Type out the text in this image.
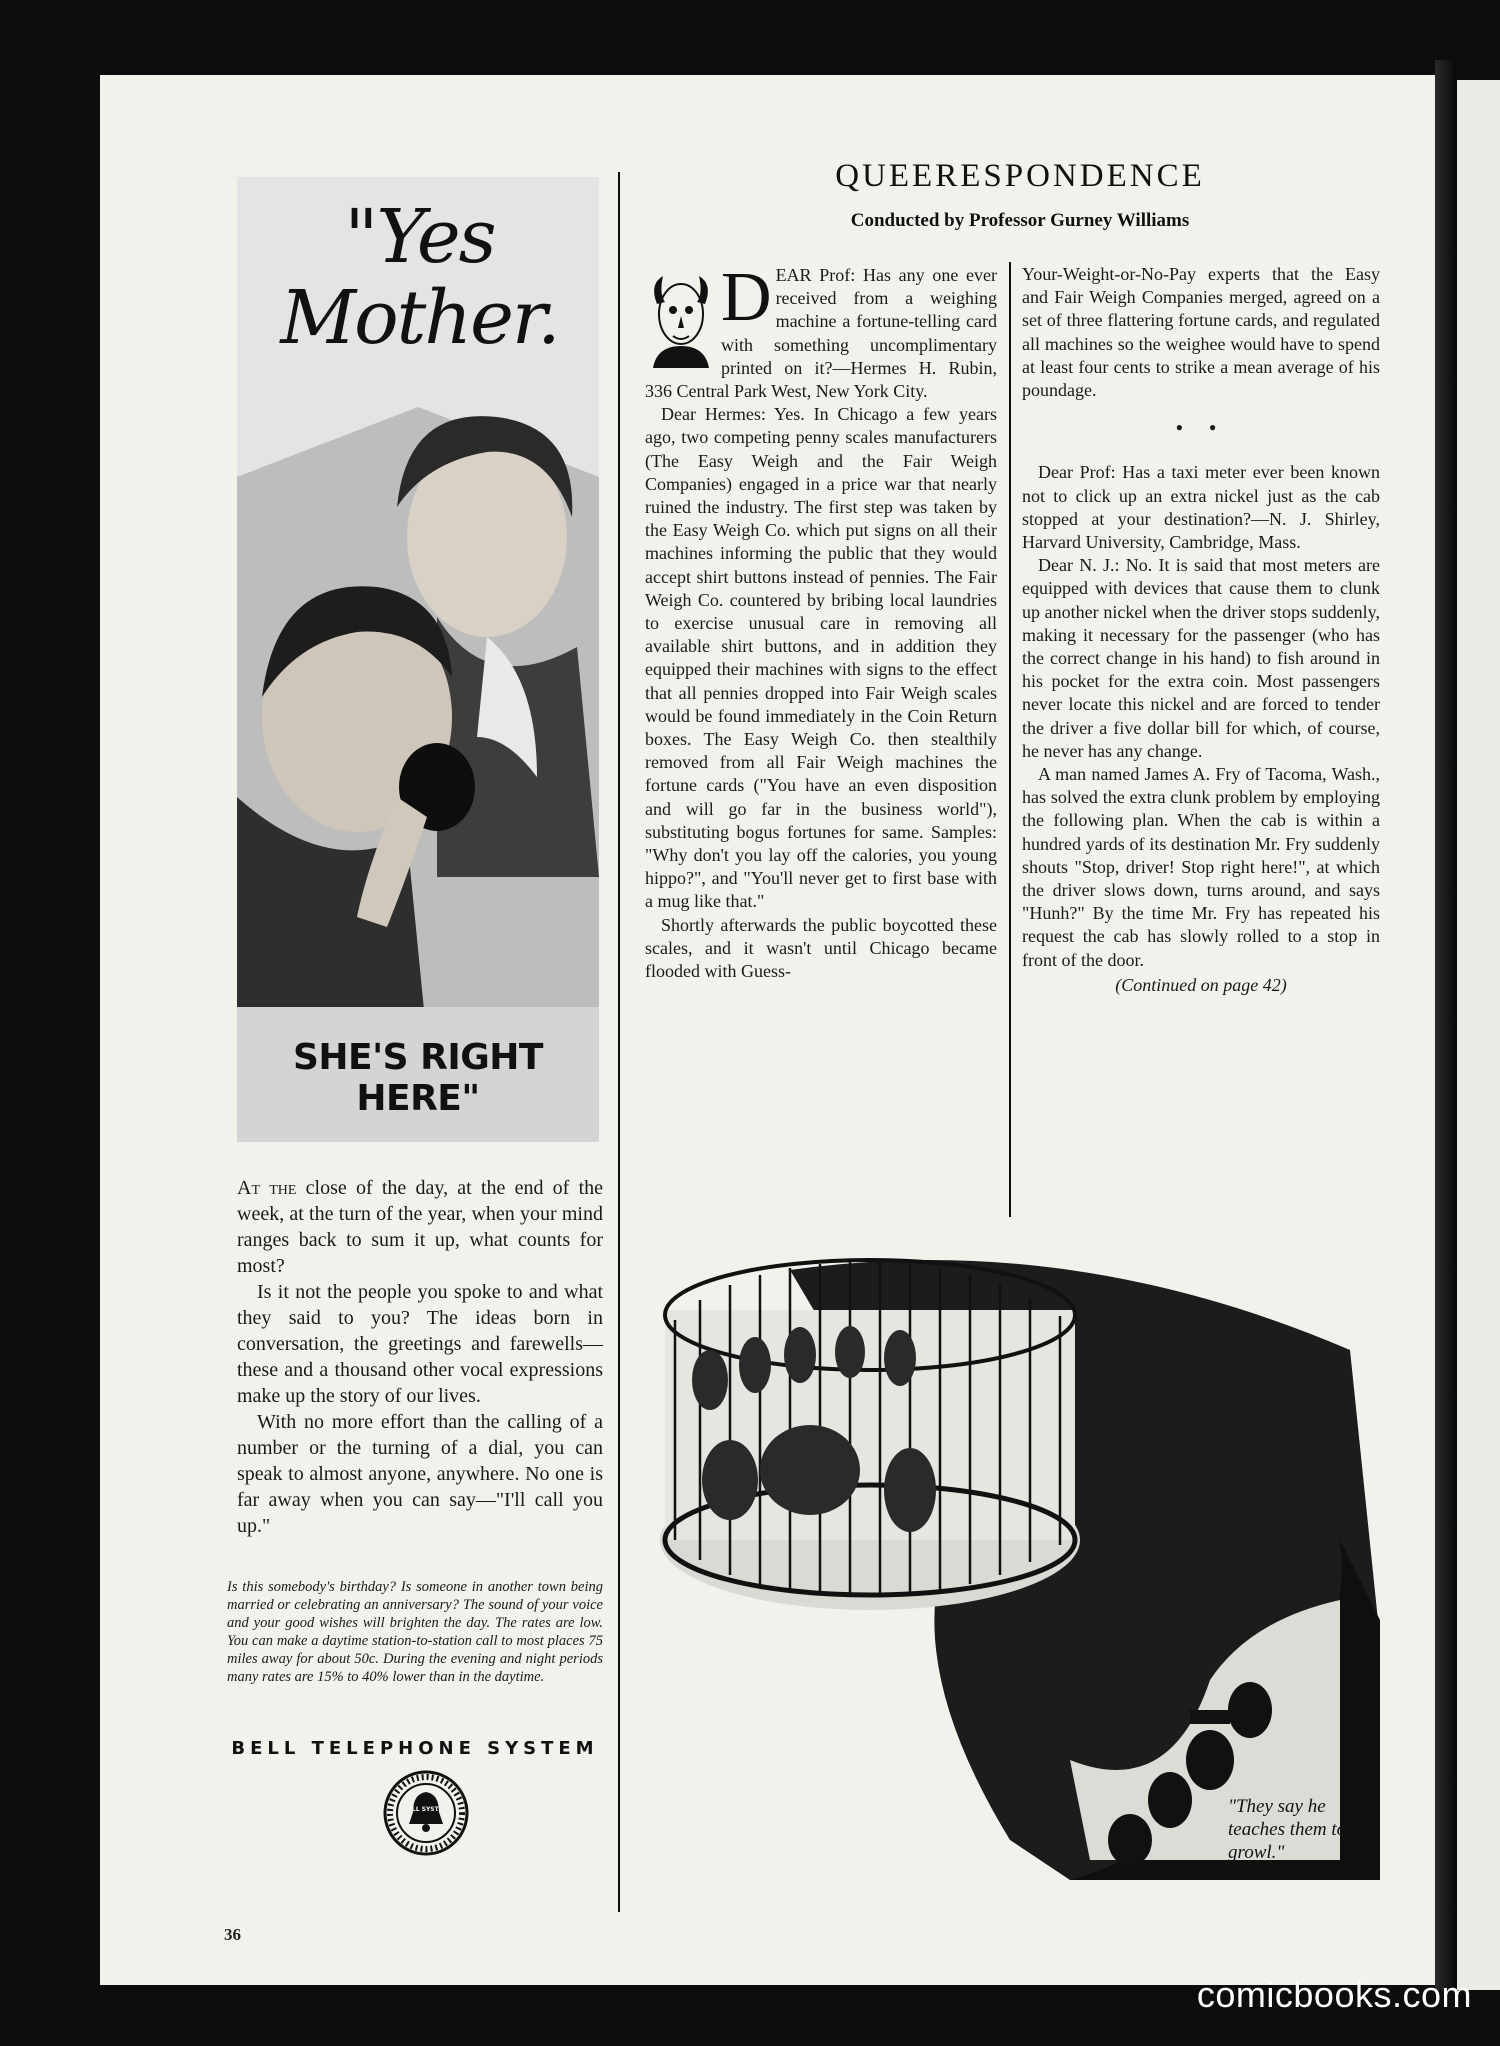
"Yes Mother.
SHE'S RIGHT HERE"

At the close of the day, at the end of the week, at the turn of the year, when your mind ranges back to sum it up, what counts for most?

Is it not the people you spoke to and what they said to you? The ideas born in conversation, the greetings and farewells—these and a thousand other vocal expressions make up the story of our lives.

With no more effort than the calling of a number or the turning of a dial, you can speak to almost anyone, anywhere. No one is far away when you can say—"I'll call you up."

Is this somebody's birthday? Is someone in another town being married or celebrating an anniversary? The sound of your voice and your good wishes will brighten the day. The rates are low. You can make a daytime station-to-station call to most places 75 miles away for about 50c. During the evening and night periods many rates are 15% to 40% lower than in the daytime.
BELL TELEPHONE SYSTEM
BELL SYSTEM
36
QUEERESPONDENCE
Conducted by Professor Gurney Williams
D EAR Prof: Has any one ever received from a weighing machine a fortune-telling card with something uncomplimentary printed on it?—Hermes H. Rubin, 336 Central Park West, New York City.

Dear Hermes: Yes. In Chicago a few years ago, two competing penny scales manufacturers (The Easy Weigh and the Fair Weigh Companies) engaged in a price war that nearly ruined the industry. The first step was taken by the Easy Weigh Co. which put signs on all their machines informing the public that they would accept shirt buttons instead of pennies. The Fair Weigh Co. countered by bribing local laundries to exercise unusual care in removing all available shirt buttons, and in addition they equipped their machines with signs to the effect that all pennies dropped into Fair Weigh scales would be found immediately in the Coin Return boxes. The Easy Weigh Co. then stealthily removed from all Fair Weigh machines the fortune cards ("You have an even disposition and will go far in the business world"), substituting bogus fortunes for same. Samples: "Why don't you lay off the calories, you young hippo?", and "You'll never get to first base with a mug like that."

Shortly afterwards the public boycotted these scales, and it wasn't until Chicago became flooded with Guess-

Your-Weight-or-No-Pay experts that the Easy and Fair Weigh Companies merged, agreed on a set of three flattering fortune cards, and regulated all machines so the weighee would have to spend at least four cents to strike a mean average of his poundage.

• •

Dear Prof: Has a taxi meter ever been known not to click up an extra nickel just as the cab stopped at your destination?—N. J. Shirley, Harvard University, Cambridge, Mass.

Dear N. J.: No. It is said that most meters are equipped with devices that cause them to clunk up another nickel when the driver stops suddenly, making it necessary for the passenger (who has the correct change in his hand) to fish around in his pocket for the extra coin. Most passengers never locate this nickel and are forced to tender the driver a five dollar bill for which, of course, he never has any change.

A man named James A. Fry of Tacoma, Wash., has solved the extra clunk problem by employing the following plan. When the cab is within a hundred yards of its destination Mr. Fry suddenly shouts "Stop, driver! Stop right here!", at which the driver slows down, turns around, and says "Hunh?" By the time Mr. Fry has repeated his request the cab has slowly rolled to a stop in front of the door.

(Continued on page 42)
"They say he teaches them to growl."
comicbooks.com
